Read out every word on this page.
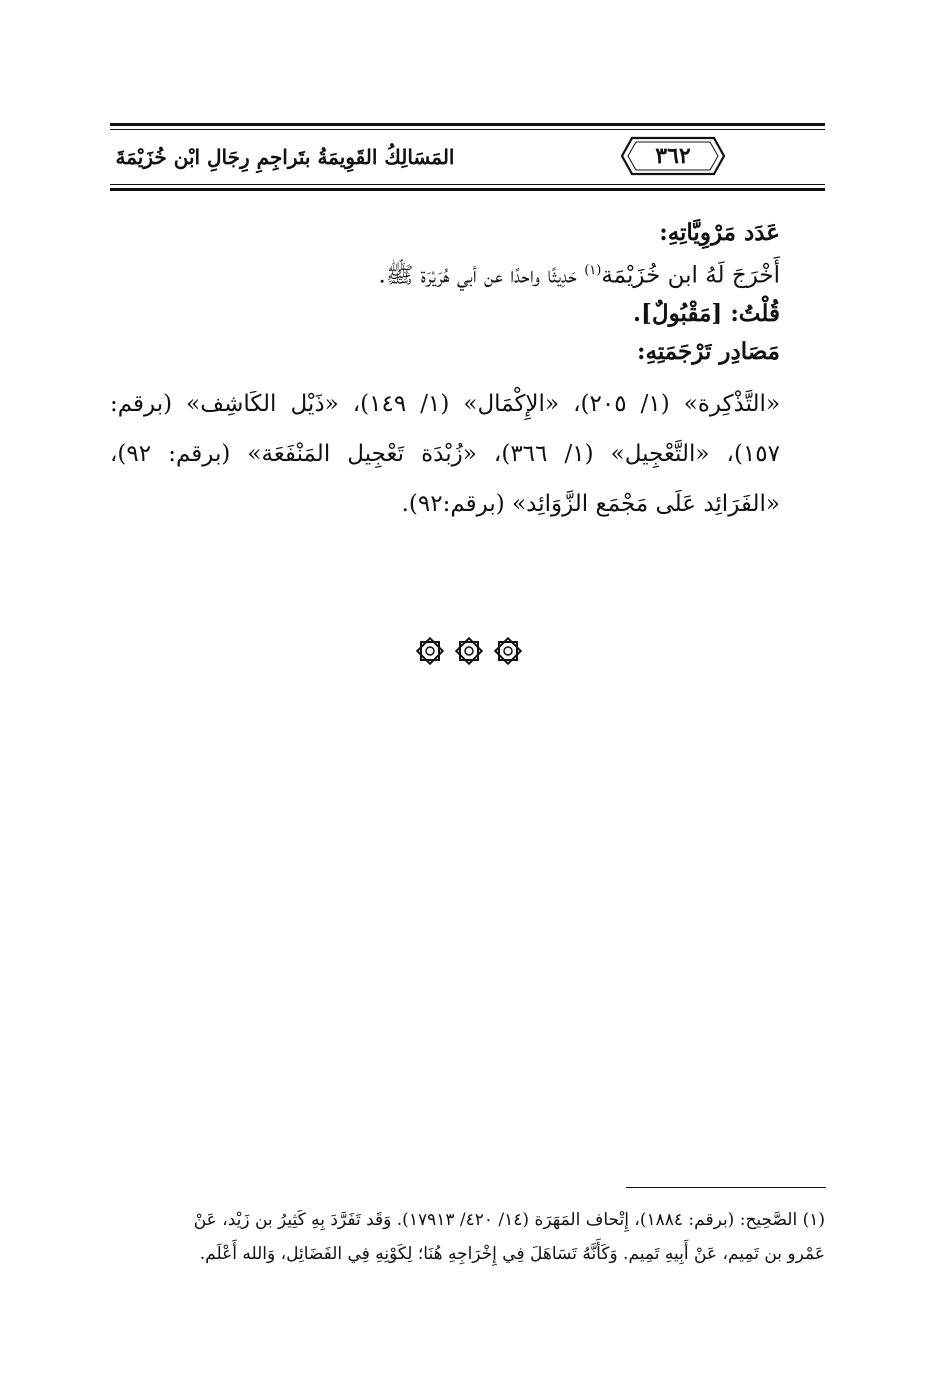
المَسَالِكُ القَوِيمَةُ بتَراجِمِ رِجَالِ ابْن خُزَيْمَةَ	٣٦٢

عَدَد مَرْوِيَّاتِهِ:

أَخْرَجَ لَهُ ابن خُزَيْمَة$^{(١)}$ حَدِيثًا واحدًا عن أبي هُرَيْرَة ﷺ.

قُلْتُ: [مَقْبُولٌ].

مَصَادِر تَرْجَمَتِهِ:

«التَّذْكِرة» (١/ ٢٠٥)، «الإِكْمَال» (١/ ١٤٩)، «ذَيْل الكَاشِف» (برقم: ١٥٧)، «التَّعْجِيل» (١/ ٣٦٦)، «زُبْدَة تَعْجِيل المَنْفَعَة» (برقم: ٩٢)، «الفَرَائِد عَلَى مَجْمَع الزَّوَائِد» (برقم:٩٢).

(١) الصَّحِيح: (برقم: ١٨٨٤)، إِتْحاف المَهَرَة (١٤/ ٤٢٠/ ١٧٩١٣). وَقَد تَفَرَّدَ بِهِ كَثِيرُ بن زَيْد، عَنْ

عَمْرو بن تَمِيم، عَنْ أَبِيهِ تَمِيم. وَكَأَنَّهُ تَسَاهَلَ فِي إِخْرَاجِهِ هُنَا؛ لِكَوْنِهِ فِي الفَضَائِل، وَالله أَعْلَم.
